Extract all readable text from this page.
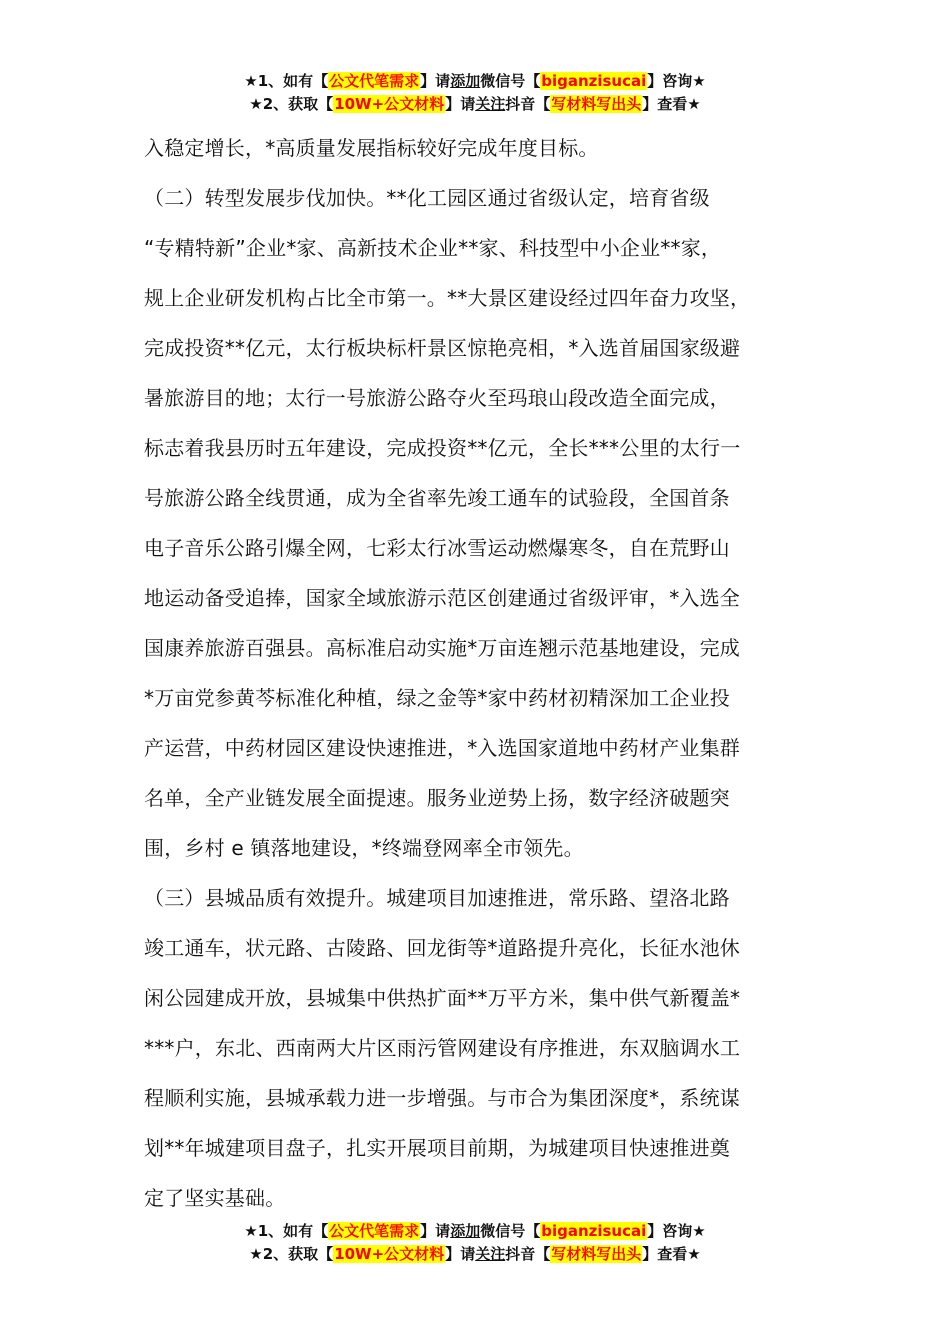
★1、如有【公文代笔需求】请添加微信号【biganzisucai】咨询★
★2、获取【10W+公文材料】请关注抖音【写材料写出头】查看★
入稳定增长，*高质量发展指标较好完成年度目标。
（二）转型发展步伐加快。**化工园区通过省级认定，培育省级
“专精特新”企业*家、高新技术企业**家、科技型中小企业**家，
规上企业研发机构占比全市第一。**大景区建设经过四年奋力攻坚，
完成投资**亿元，太行板块标杆景区惊艳亮相，*入选首届国家级避
暑旅游目的地；太行一号旅游公路夺火至玛琅山段改造全面完成，
标志着我县历时五年建设，完成投资**亿元，全长***公里的太行一
号旅游公路全线贯通，成为全省率先竣工通车的试验段，全国首条
电子音乐公路引爆全网，七彩太行冰雪运动燃爆寒冬，自在荒野山
地运动备受追捧，国家全域旅游示范区创建通过省级评审，*入选全
国康养旅游百强县。高标准启动实施*万亩连翘示范基地建设，完成
*万亩党参黄芩标准化种植，绿之金等*家中药材初精深加工企业投
产运营，中药材园区建设快速推进，*入选国家道地中药材产业集群
名单，全产业链发展全面提速。服务业逆势上扬，数字经济破题突
围，乡村 e 镇落地建设，*终端登网率全市领先。
（三）县城品质有效提升。城建项目加速推进，常乐路、望洛北路
竣工通车，状元路、古陵路、回龙街等*道路提升亮化，长征水池休
闲公园建成开放，县城集中供热扩面**万平方米，集中供气新覆盖*
***户，东北、西南两大片区雨污管网建设有序推进，东双脑调水工
程顺利实施，县城承载力进一步增强。与市合为集团深度*，系统谋
划**年城建项目盘子，扎实开展项目前期，为城建项目快速推进奠
定了坚实基础。
★1、如有【公文代笔需求】请添加微信号【biganzisucai】咨询★
★2、获取【10W+公文材料】请关注抖音【写材料写出头】查看★
